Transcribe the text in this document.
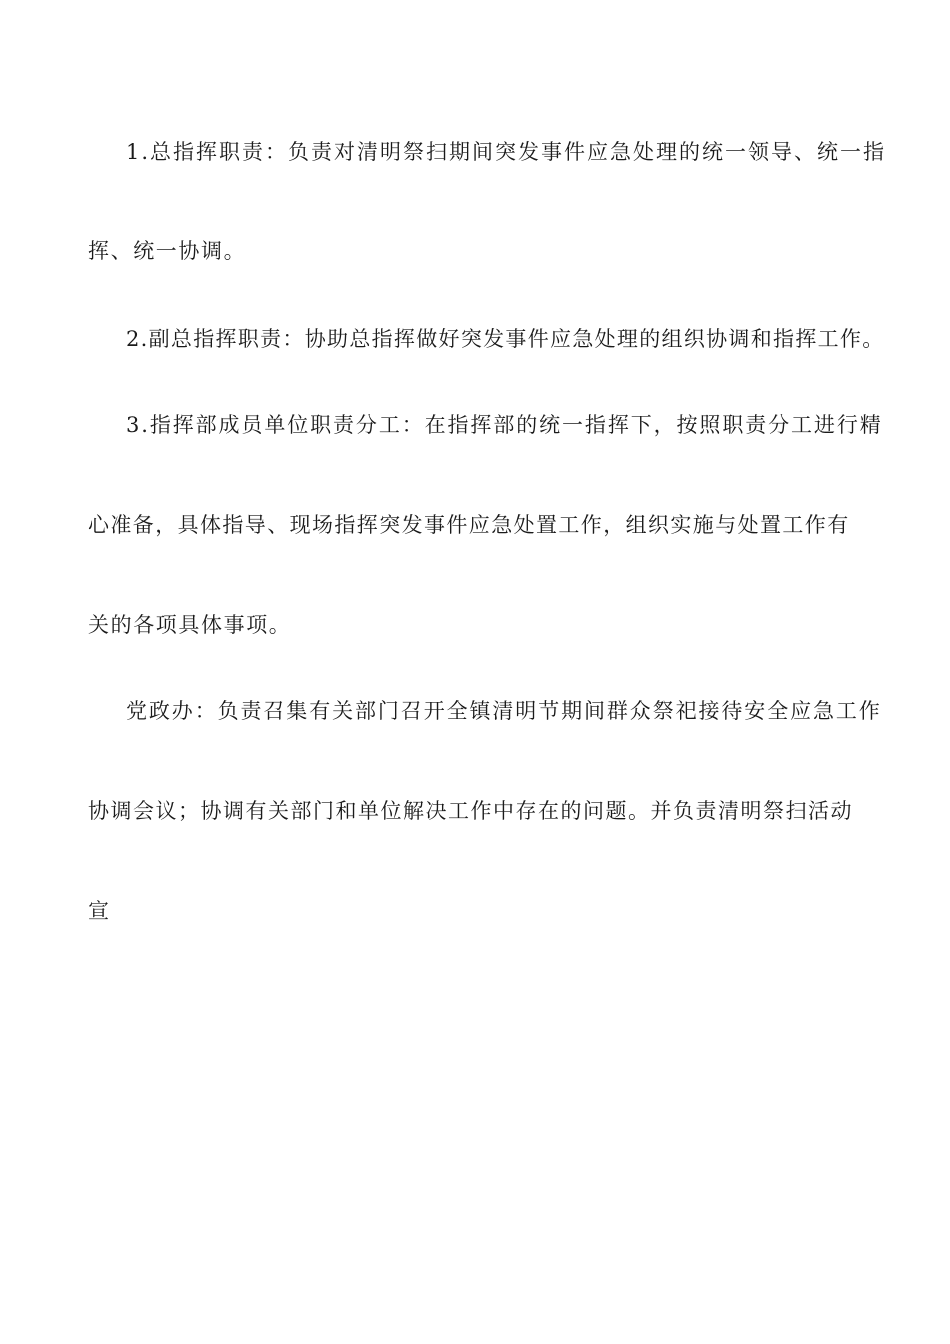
1.总指挥职责：负责对清明祭扫期间突发事件应急处理的统一领导、统一指
挥、统一协调。
2.副总指挥职责：协助总指挥做好突发事件应急处理的组织协调和指挥工作。
3.指挥部成员单位职责分工：在指挥部的统一指挥下，按照职责分工进行精
心准备，具体指导、现场指挥突发事件应急处置工作，组织实施与处置工作有
关的各项具体事项。
党政办：负责召集有关部门召开全镇清明节期间群众祭祀接待安全应急工作
协调会议；协调有关部门和单位解决工作中存在的问题。并负责清明祭扫活动
宣
